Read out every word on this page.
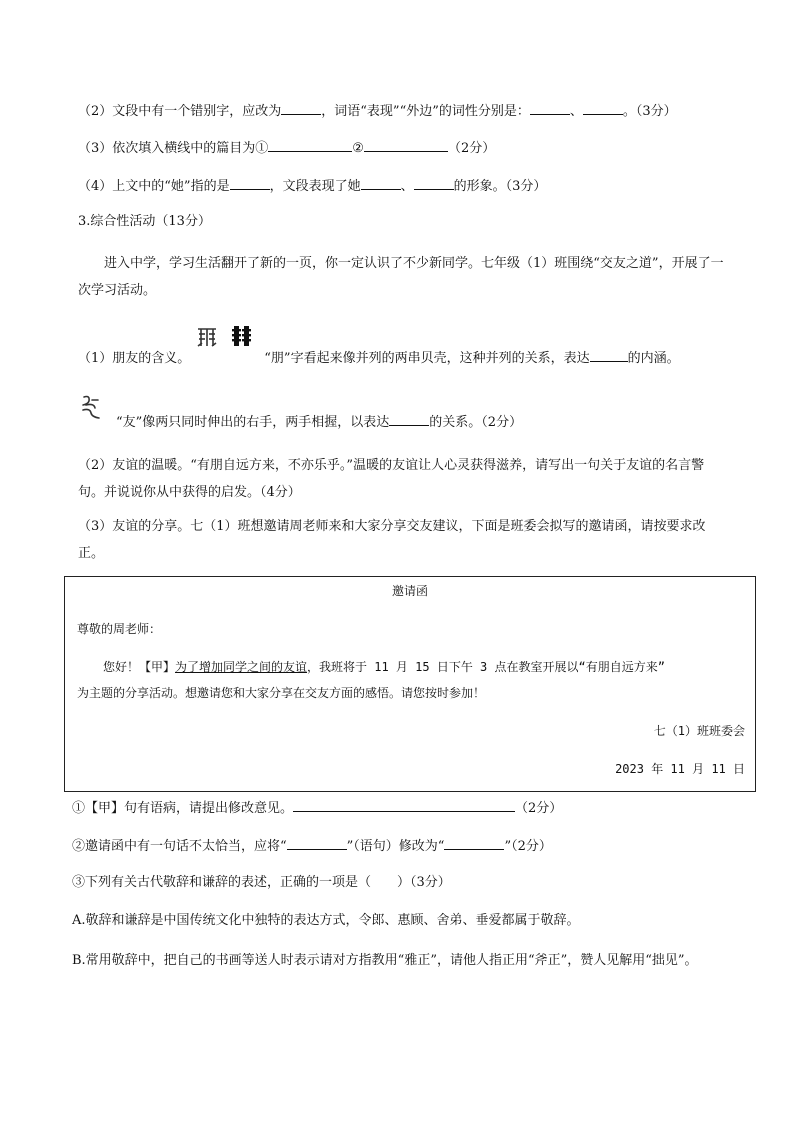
（2）文段中有一个错别字，应改为	，词语“表现”“外边”的词性分别是：	、	。（3分）
（3）依次填入横线中的篇目为①	②	（2分）
（4）上文中的“她”指的是	，文段表现了她	、	的形象。（3分）
3.综合性活动（13分）
进入中学，学习生活翻开了新的一页，你一定认识了不少新同学。七年级（1）班围绕“交友之道”，开展了一次学习活动。
（1）朋友的含义。	“朋”字看起来像并列的两串贝壳，这种并列的关系，表达	的内涵。
“友”像两只同时伸出的右手，两手相握，以表达	的关系。（2分）
（2）友谊的温暖。“有朋自远方来，不亦乐乎。”温暖的友谊让人心灵获得滋养，请写出一句关于友谊的名言警句。并说说你从中获得的启发。（4分）
（3）友谊的分享。七（1）班想邀请周老师来和大家分享交友建议，下面是班委会拟写的邀请函，请按要求改正。
邀请函
尊敬的周老师：
您好！【甲】为了增加同学之间的友谊，我班将于 11 月 15 日下午 3 点在教室开展以“有朋自远方来”
为主题的分享活动。想邀请您和大家分享在交友方面的感悟。请您按时参加！
七（1）班班委会
2023 年 11 月 11 日
①【甲】句有语病，请提出修改意见。	（2分）
②邀请函中有一句话不太恰当，应将“	”（语句）修改为“	”（2分）
③下列有关古代敬辞和谦辞的表述，正确的一项是（　　）（3分）
A.敬辞和谦辞是中国传统文化中独特的表达方式，令郎、惠顾、舍弟、垂爱都属于敬辞。
B.常用敬辞中，把自己的书画等送人时表示请对方指教用“雅正”，请他人指正用“斧正”，赞人见解用“拙见”。
